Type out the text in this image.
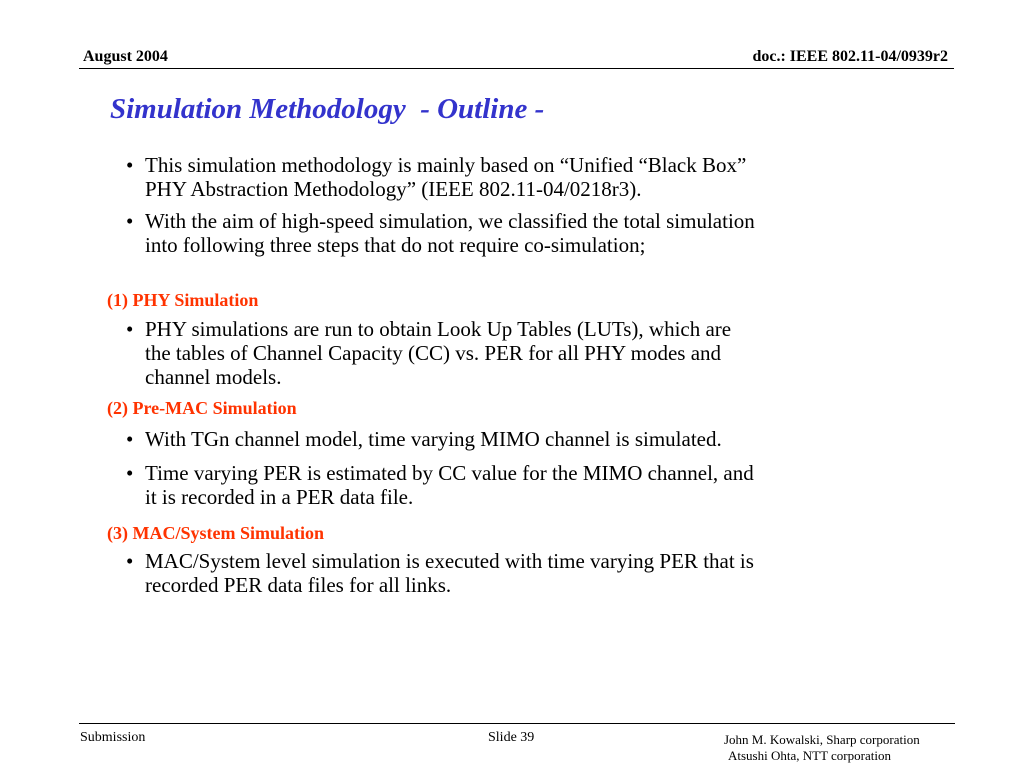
August 2004	doc.: IEEE 802.11-04/0939r2
Simulation Methodology  - Outline -
• This simulation methodology is mainly based on “Unified “Black Box”
PHY Abstraction Methodology” (IEEE 802.11-04/0218r3).
• With the aim of high-speed simulation, we classified the total simulation
into following three steps that do not require co-simulation;
(1) PHY Simulation
• PHY simulations are run to obtain Look Up Tables (LUTs), which are
the tables of Channel Capacity (CC) vs. PER for all PHY modes and
channel models.
(2) Pre-MAC Simulation
• With TGn channel model, time varying MIMO channel is simulated.
• Time varying PER is estimated by CC value for the MIMO channel, and
it is recorded in a PER data file.
(3) MAC/System Simulation
• MAC/System level simulation is executed with time varying PER that is
recorded PER data files for all links.
Submission	Slide 39	John M. Kowalski, Sharp corporation
Atsushi Ohta, NTT corporation
